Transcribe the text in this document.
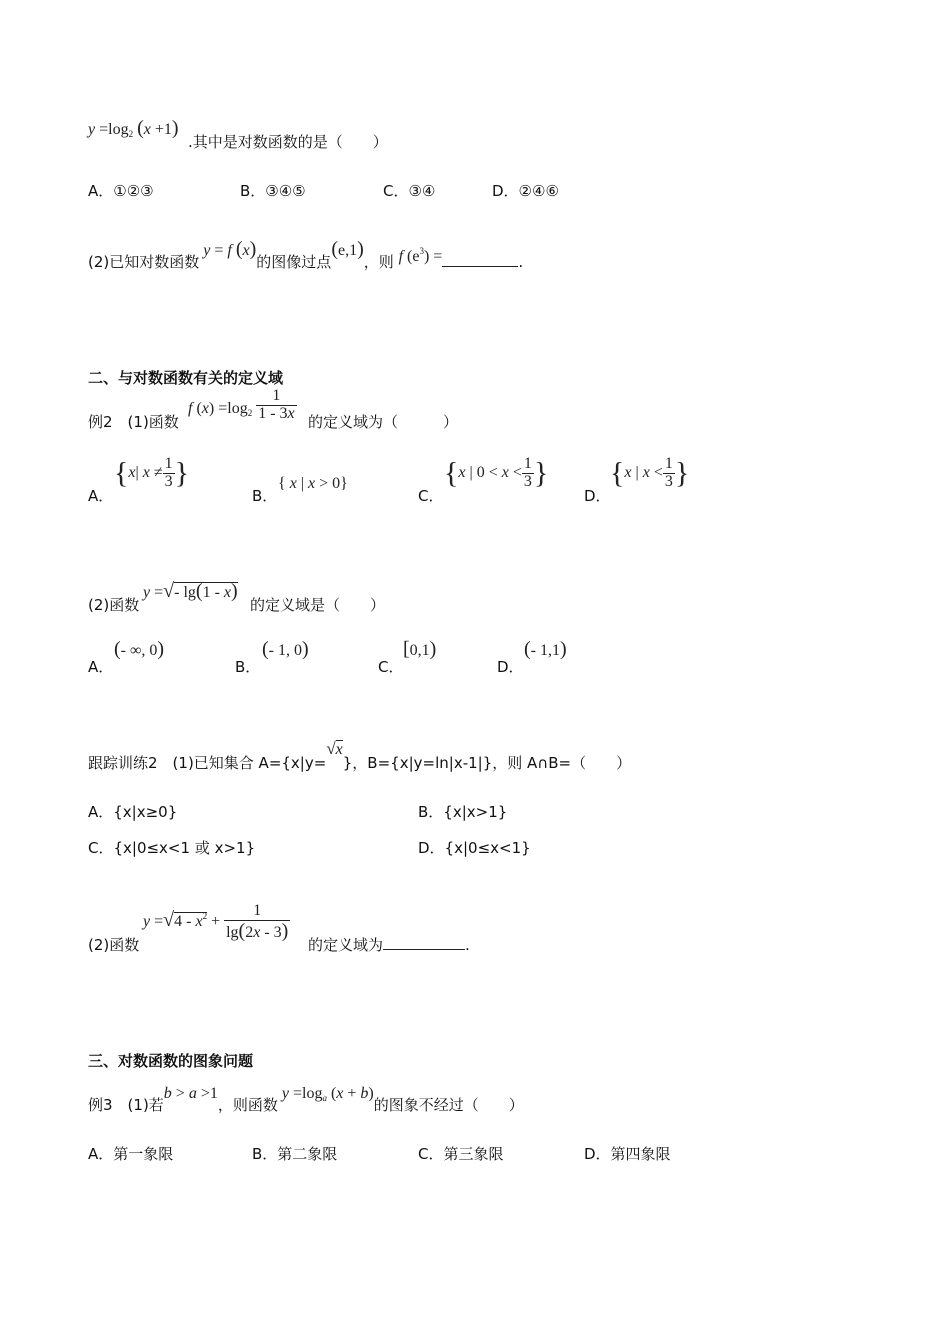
$y =\log_2$ (x +1)
.其中是对数函数的是（　　）
A．①②③	B．③④⑤	C．③④	D．②④⑥
(2)已知对数函数 y = f (x)的图像过点(e,1)，则 f $(e^3)$ =	.
二、与对数函数有关的定义域
例2　(1)函数
f $(x) =\log_2 \frac{1}{1 - 3x}$ 的定义域为（　　　）
A．
{x| $x \ne \frac{1}{3}$ }
B．
{ x | x > 0}
C．
{x | $0 < x < \frac{1}{3}$ }
D．
{x | $x < \frac{1}{3}$ }
(2)函数
y =√- lg(1 - x)
的定义域是（　　）
A．
(- ∞, 0)
B．
(- 1, 0)
C．
[0,1)
D．
(- 1,1)
跟踪训练2　(1)已知集合 A={x|y=√x}，B={x|y=ln|x-1|}，则 A∩B=（　　）
A．{x|x≥0}	B．{x|x>1}
C．{x|0≤x<1 或 x>1}	D．{x|0≤x<1}
(2)函数
$y =√4 - x^2 + \frac{1}{\lg(2x - 3)}$
的定义域为	.
三、对数函数的图象问题
例3　(1)若b > a >1，则函数 $y =\log_a$ (x + b)的图象不经过（　　）
A．第一象限	B．第二象限	C．第三象限	D．第四象限
